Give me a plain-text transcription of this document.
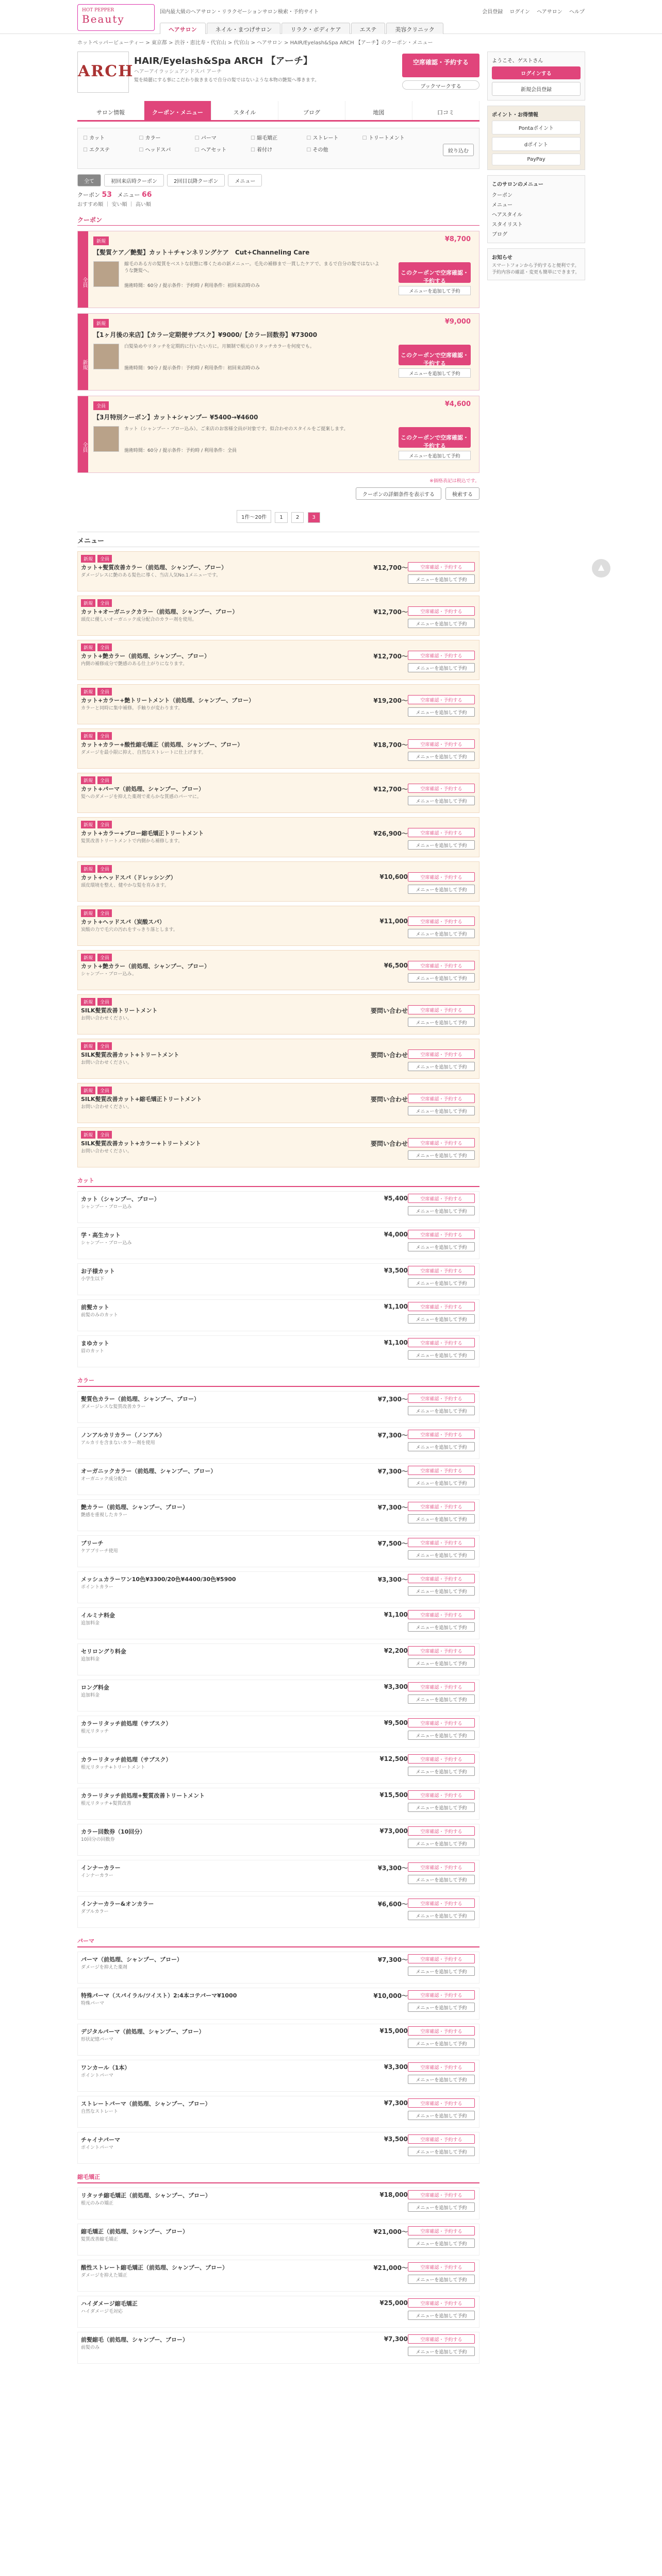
HOT PEPPER
Beauty
国内最大級のヘアサロン・リラクゼーションサロン検索・予約サイト	会員登録 ログイン ヘアサロン ヘルプ
ヘアサロン	ネイル・まつげサロン	リラク・ボディケア	エステ	美容クリニック
ホットペッパービューティー > 東京都 > 渋谷・恵比寿・代官山 > 代官山 > ヘアサロン > HAIR/Eyelash&Spa ARCH 【アーチ】のクーポン・メニュー
ARCH
HAIR/Eyelash&Spa ARCH 【アーチ】
ヘアーアイラッシュアンドスパ アーチ
髪を綺麗にする事にこだわり抜きまるで自分の髪ではないような本物の艶髪へ導きます。
空席確認・予約する
ブックマークする
サロン情報	クーポン・メニュー	スタイル	ブログ	地図	口コミ
☐ カット	☐ カラー	☐ パーマ	☐ 縮毛矯正	☐ ストレート	☐ トリートメント
☐ エクステ	☐ ヘッドスパ	☐ ヘアセット	☐ 着付け	☐ その他	絞り込む
全て	初回来店時クーポン	2回目以降クーポン	メニュー
クーポン 53 メニュー 66
おすすめ順 ｜ 安い順 ｜ 高い順
クーポン
全員
新規	¥8,700
【髪質ケア／艶髪】カット＋チャンネリングケア　Cut+Channeling Care
縮毛のある方の髪質をベストな状態に導くための新メニュー。毛先の補修まで一貫したケアで、まるで自分の髪ではないような艶髪へ。
施術時間：60分 / 提示条件：予約時 / 利用条件：初回来店時のみ
このクーポンで空席確認・予約する
メニューを追加して予約
新規
新規	¥9,000
【1ヶ月後の来店】【カラー定期便サブスク】¥9000/【カラー回数券】¥73000
白髪染めやリタッチを定期的に行いたい方に。月額制で根元のリタッチカラーを何度でも。
施術時間：90分 / 提示条件：予約時 / 利用条件：初回来店時のみ
このクーポンで空席確認・予約する
メニューを追加して予約
全員
全員	¥4,600
【3月特別クーポン】カット+シャンプー ¥5400→¥4600
カット（シャンプー・ブロー込み）。ご来店のお客様全員が対象です。似合わせのスタイルをご提案します。
施術時間：60分 / 提示条件：予約時 / 利用条件：全員
このクーポンで空席確認・予約する
メニューを追加して予約
※価格表記は税込です。
クーポンの詳細条件を表示する	検索する
1件〜20件	1	2	3
メニュー
新規	全員
カット+髪質改善カラー（前処理、シャンプー、ブロー）	¥12,700〜
ダメージレスに艶のある髪色に導く、当店人気No.1メニューです。
空席確認・予約する
メニューを追加して予約
新規	全員
カット+オーガニックカラー（前処理、シャンプー、ブロー）	¥12,700〜
頭皮に優しいオーガニック成分配合のカラー剤を使用。
空席確認・予約する
メニューを追加して予約
新規	全員
カット+艶カラー（前処理、シャンプー、ブロー）	¥12,700〜
内側の補修成分で艶感のある仕上がりになります。
空席確認・予約する
メニューを追加して予約
新規	全員
カット+カラー+艶トリートメント（前処理、シャンプー、ブロー）	¥19,200〜
カラーと同時に集中補修。手触りが変わります。
空席確認・予約する
メニューを追加して予約
新規	全員
カット+カラー+酸性縮毛矯正（前処理、シャンプー、ブロー）	¥18,700〜
ダメージを最小限に抑え、自然なストレートに仕上げます。
空席確認・予約する
メニューを追加して予約
新規	全員
カット+パーマ（前処理、シャンプー、ブロー）	¥12,700〜
髪へのダメージを抑えた薬剤で柔らかな質感のパーマに。
空席確認・予約する
メニューを追加して予約
新規	全員
カット+カラー+ブロー縮毛矯正トリートメント	¥26,900〜
髪質改善トリートメントで内側から補修します。
空席確認・予約する
メニューを追加して予約
新規	全員
カット+ヘッドスパ（ドレッシング）	¥10,600
頭皮環境を整え、健やかな髪を育みます。
空席確認・予約する
メニューを追加して予約
新規	全員
カット+ヘッドスパ（炭酸スパ）	¥11,000
炭酸の力で毛穴の汚れをすっきり落とします。
空席確認・予約する
メニューを追加して予約
新規	全員
カット+艶カラー（前処理、シャンプー、ブロー）	¥6,500
シャンプー・ブロー込み。
空席確認・予約する
メニューを追加して予約
新規	全員
SILK髪質改善トリートメント	要問い合わせ
お問い合わせください。
空席確認・予約する
メニューを追加して予約
新規	全員
SILK髪質改善カット+トリートメント	要問い合わせ
お問い合わせください。
空席確認・予約する
メニューを追加して予約
新規	全員
SILK髪質改善カット+縮毛矯正トリートメント	要問い合わせ
お問い合わせください。
空席確認・予約する
メニューを追加して予約
新規	全員
SILK髪質改善カット+カラー+トリートメント	要問い合わせ
お問い合わせください。
空席確認・予約する
メニューを追加して予約
カット
カット（シャンプー、ブロー）	¥5,400
シャンプー・ブロー込み
空席確認・予約する
メニューを追加して予約
学・高生カット	¥4,000
シャンプー・ブロー込み
空席確認・予約する
メニューを追加して予約
お子様カット	¥3,500
小学生以下
空席確認・予約する
メニューを追加して予約
前髪カット	¥1,100
前髪のみのカット
空席確認・予約する
メニューを追加して予約
まゆカット	¥1,100
眉のカット
空席確認・予約する
メニューを追加して予約
カラー
髪質色カラー（前処理、シャンプー、ブロー）	¥7,300〜
ダメージレスな髪質改善カラー
空席確認・予約する
メニューを追加して予約
ノンアルカリカラー（ノンアル）	¥7,300〜
アルカリを含まないカラー剤を使用
空席確認・予約する
メニューを追加して予約
オーガニックカラー（前処理、シャンプー、ブロー）	¥7,300〜
オーガニック成分配合
空席確認・予約する
メニューを追加して予約
艶カラー（前処理、シャンプー、ブロー）	¥7,300〜
艶感を重視したカラー
空席確認・予約する
メニューを追加して予約
ブリーチ	¥7,500〜
ケアブリーチ使用
空席確認・予約する
メニューを追加して予約
メッシュカラーワン10色¥3300/20色¥4400/30色¥5900	¥3,300〜
ポイントカラー
空席確認・予約する
メニューを追加して予約
イルミナ料金	¥1,100
追加料金
空席確認・予約する
メニューを追加して予約
セリロングり料金	¥2,200
追加料金
空席確認・予約する
メニューを追加して予約
ロング料金	¥3,300
追加料金
空席確認・予約する
メニューを追加して予約
カラーリタッチ前処理（サブスク）	¥9,500
根元リタッチ
空席確認・予約する
メニューを追加して予約
カラーリタッチ前処理（サブスク）	¥12,500
根元リタッチ+トリートメント
空席確認・予約する
メニューを追加して予約
カラーリタッチ前処理+髪質改善トリートメント	¥15,500
根元リタッチ+髪質改善
空席確認・予約する
メニューを追加して予約
カラー回数券（10回分）	¥73,000
10回分の回数券
空席確認・予約する
メニューを追加して予約
インナーカラー	¥3,300〜
インナーカラー
空席確認・予約する
メニューを追加して予約
インナーカラー&オンカラー	¥6,600〜
ダブルカラー
空席確認・予約する
メニューを追加して予約
パーマ
パーマ（前処理、シャンプー、ブロー）	¥7,300〜
ダメージを抑えた薬剤
空席確認・予約する
メニューを追加して予約
特殊パーマ（スパイラル/ツイスト）2:4本コテパーマ¥1000	¥10,000〜
特殊パーマ
空席確認・予約する
メニューを追加して予約
デジタルパーマ（前処理、シャンプー、ブロー）	¥15,000
形状記憶パーマ
空席確認・予約する
メニューを追加して予約
ワンカール（1本）	¥3,300
ポイントパーマ
空席確認・予約する
メニューを追加して予約
ストレートパーマ（前処理、シャンプー、ブロー）	¥7,300
自然なストレート
空席確認・予約する
メニューを追加して予約
チャイナパーマ	¥3,500
ポイントパーマ
空席確認・予約する
メニューを追加して予約
縮毛矯正
リタッチ縮毛矯正（前処理、シャンプー、ブロー）	¥18,000
根元のみの矯正
空席確認・予約する
メニューを追加して予約
縮毛矯正（前処理、シャンプー、ブロー）	¥21,000〜
髪質改善縮毛矯正
空席確認・予約する
メニューを追加して予約
酸性ストレート縮毛矯正（前処理、シャンプー、ブロー）	¥21,000〜
ダメージを抑えた矯正
空席確認・予約する
メニューを追加して予約
ハイダメージ縮毛矯正	¥25,000
ハイダメージ毛対応
空席確認・予約する
メニューを追加して予約
前髪縮毛（前処理、シャンプー、ブロー）	¥7,300
前髪のみ
空席確認・予約する
メニューを追加して予約
ようこそ、ゲストさん
ログインする
新規会員登録
ポイント・お得情報
Pontaポイント
dポイント
PayPay
このサロンのメニュー
クーポン
メニュー
ヘアスタイル
スタイリスト
ブログ
お知らせ
スマートフォンから予約すると便利です。予約内容の確認・変更も簡単にできます。
▲
